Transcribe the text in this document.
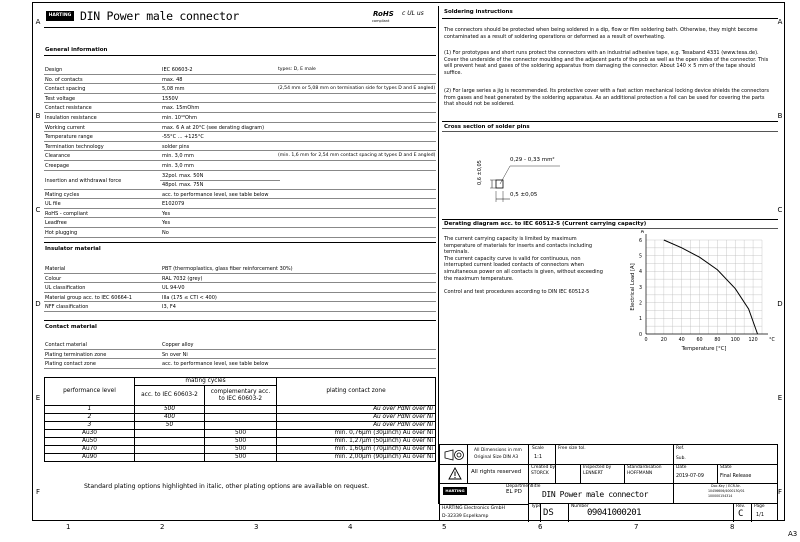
A	A
B	B
C	C
D	D
E	E
F	F
1	2	3	4	5	6	7	8
A3
HARTING DIN Power male connector	RoHS
compliant
c UL us
General information
Design	IEC 60603-2	types: D, E male
No. of contacts	max. 48
Contact spacing	5,08 mm	(2,54 mm or 5,08 mm on termination side for types D and E angled)
Test voltage	1550V
Contact resistance	max. 15mOhm
Insulation resistance	min. 10¹⁰Ohm
Working current	max. 6 A at 20°C (see derating diagram)
Temperature range	-55°C ... +125°C
Termination technology	solder pins
Clearance	min. 3,0 mm	(min. 1,6 mm for 2,54 mm contact spacing at types D and E angled)
Creepage	min. 3,0 mm
Insertion and withdrawal force
32pol. max. 50N
48pol. max. 75N
Mating cycles	acc. to performance level, see table below
UL file	E102079
RoHS - compliant	Yes
Leadfree	Yes
Hot plugging	No
Insulator material
Material	PBT (thermoplastics, glass fiber reinforcement 30%)
Colour	RAL 7032 (grey)
UL classification	UL 94-V0
Material group acc. to IEC 60664-1	IIIa (175 ≤ CTI < 400)
NFF classification	I3, F4
Contact material
Contact material	Copper alloy
Plating termination zone	Sn over Ni
Plating contact zone	acc. to performance level, see table below
performance level	mating cycles		plating contact zone
	acc. to IEC 60603-2	complementary acc. to IEC 60603-2	
1	500		Au over PdNi over Ni
2	400		Au over PdNi over Ni
3	50		Au over PdNi over Ni
Au30		500	min. 0,76μm (30μinch) Au over Ni
Au50		500	min. 1,27μm (50μinch) Au over Ni
Au70		500	min. 1,60μm (70μinch) Au over Ni
Au90		500	min. 2,00μm (90μinch) Au over Ni
Standard plating options highlighted in italic, other plating options are available on request.
Soldering instructions
The connectors should be protected when being soldered in a dip, flow or film soldering bath. Otherwise, they might become
contaminated as a result of soldering operations or deformed as a result of overheating.
(1) For prototypes and short runs protect the connectors with an industrial adhesive tape, e.g. Tesaband 4331 (www.tesa.de).
Cover the underside of the connector moulding and the adjacent parts of the pcb as well as the open sides of the connector. This
will prevent heat and gases of the soldering apparatus from damaging the connector. About 140 × 5 mm of the tape should
suffice.
(2) For large series a jig is recommended. Its protective cover with a fast action mechanical locking device shields the connectors
from gases and heat generated by the soldering apparatus. As an additional protection a foil can be used for covering the parts
that should not be soldered.
Cross section of solder pins
0,6 ±0,05
0,29 - 0,33 mm²
0,5 ±0,05
Derating diagram acc. to IEC 60512-5 (Current carrying capacity)
The current carrying capacity is limited by maximum
temperature of materials for inserts and contacts including
terminals.
The current capacity curve is valid for continuous, non
interrupted current loaded contacts of connectors when
simultaneous power on all contacts is given, without exceeding
the maximum temperature.

Control and test procedures according to DIN IEC 60512-5
0
1
2
3
4
5
6
0	20 40 60 80 100 120
A
°C
Temperature [°C]
Electrical Load [A]
All Dimensions in mm
Original Size DIN A3
Scale
1:1
Free size tol.	Ref.
Sub.
All rights reserved
Created by
STORCK
Inspected by
LENNERT
Standardisation
HOFFMANN
Date
2019-07-09
State
Final Release
Department
EL PD
HARTING
Title
DIN Power male connector
Doc.Key / ECR-Nr.
10456606/4000130/01
100000154314
HARTING Electronics GmbH
D-32339 Espelkamp
Type
DS
Number
09041000201
Rev.
C
Page
1/1
